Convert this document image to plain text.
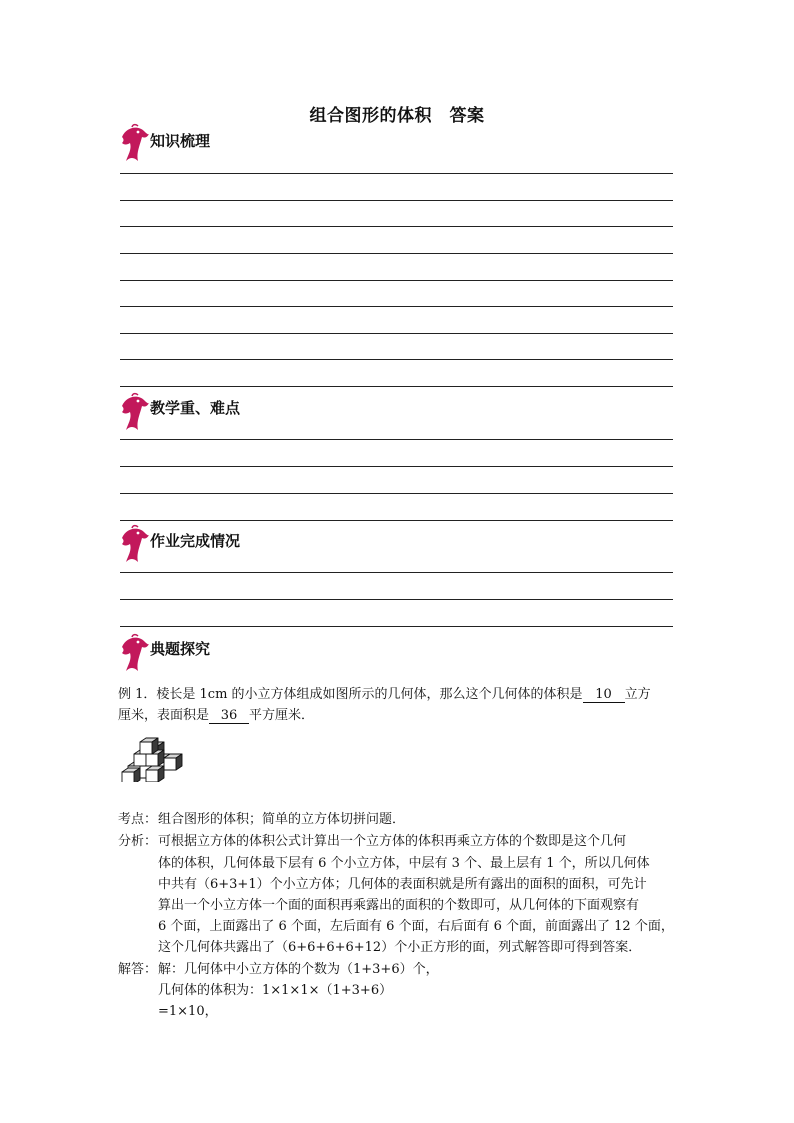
组合图形的体积　答案
知识梳理
教学重、难点
作业完成情况
典题探究
例 1．棱长是 1cm 的小立方体组成如图所示的几何体，那么这个几何体的体积是 10 立方
厘米，表面积是 36 平方厘米．
考点： 组合图形的体积；简单的立方体切拼问题．
分析： 可根据立方体的体积公式计算出一个立方体的体积再乘立方体的个数即是这个几何
体的体积，几何体最下层有 6 个小立方体，中层有 3 个、最上层有 1 个，所以几何体
中共有（6+3+1）个小立方体；几何体的表面积就是所有露出的面积的面积，可先计
算出一个小立方体一个面的面积再乘露出的面积的个数即可，从几何体的下面观察有
6 个面，上面露出了 6 个面，左后面有 6 个面，右后面有 6 个面，前面露出了 12 个面，
这个几何体共露出了（6+6+6+6+12）个小正方形的面，列式解答即可得到答案．
解答： 解：几何体中小立方体的个数为（1+3+6）个，
几何体的体积为：1×1×1×（1+3+6）
=1×10，
